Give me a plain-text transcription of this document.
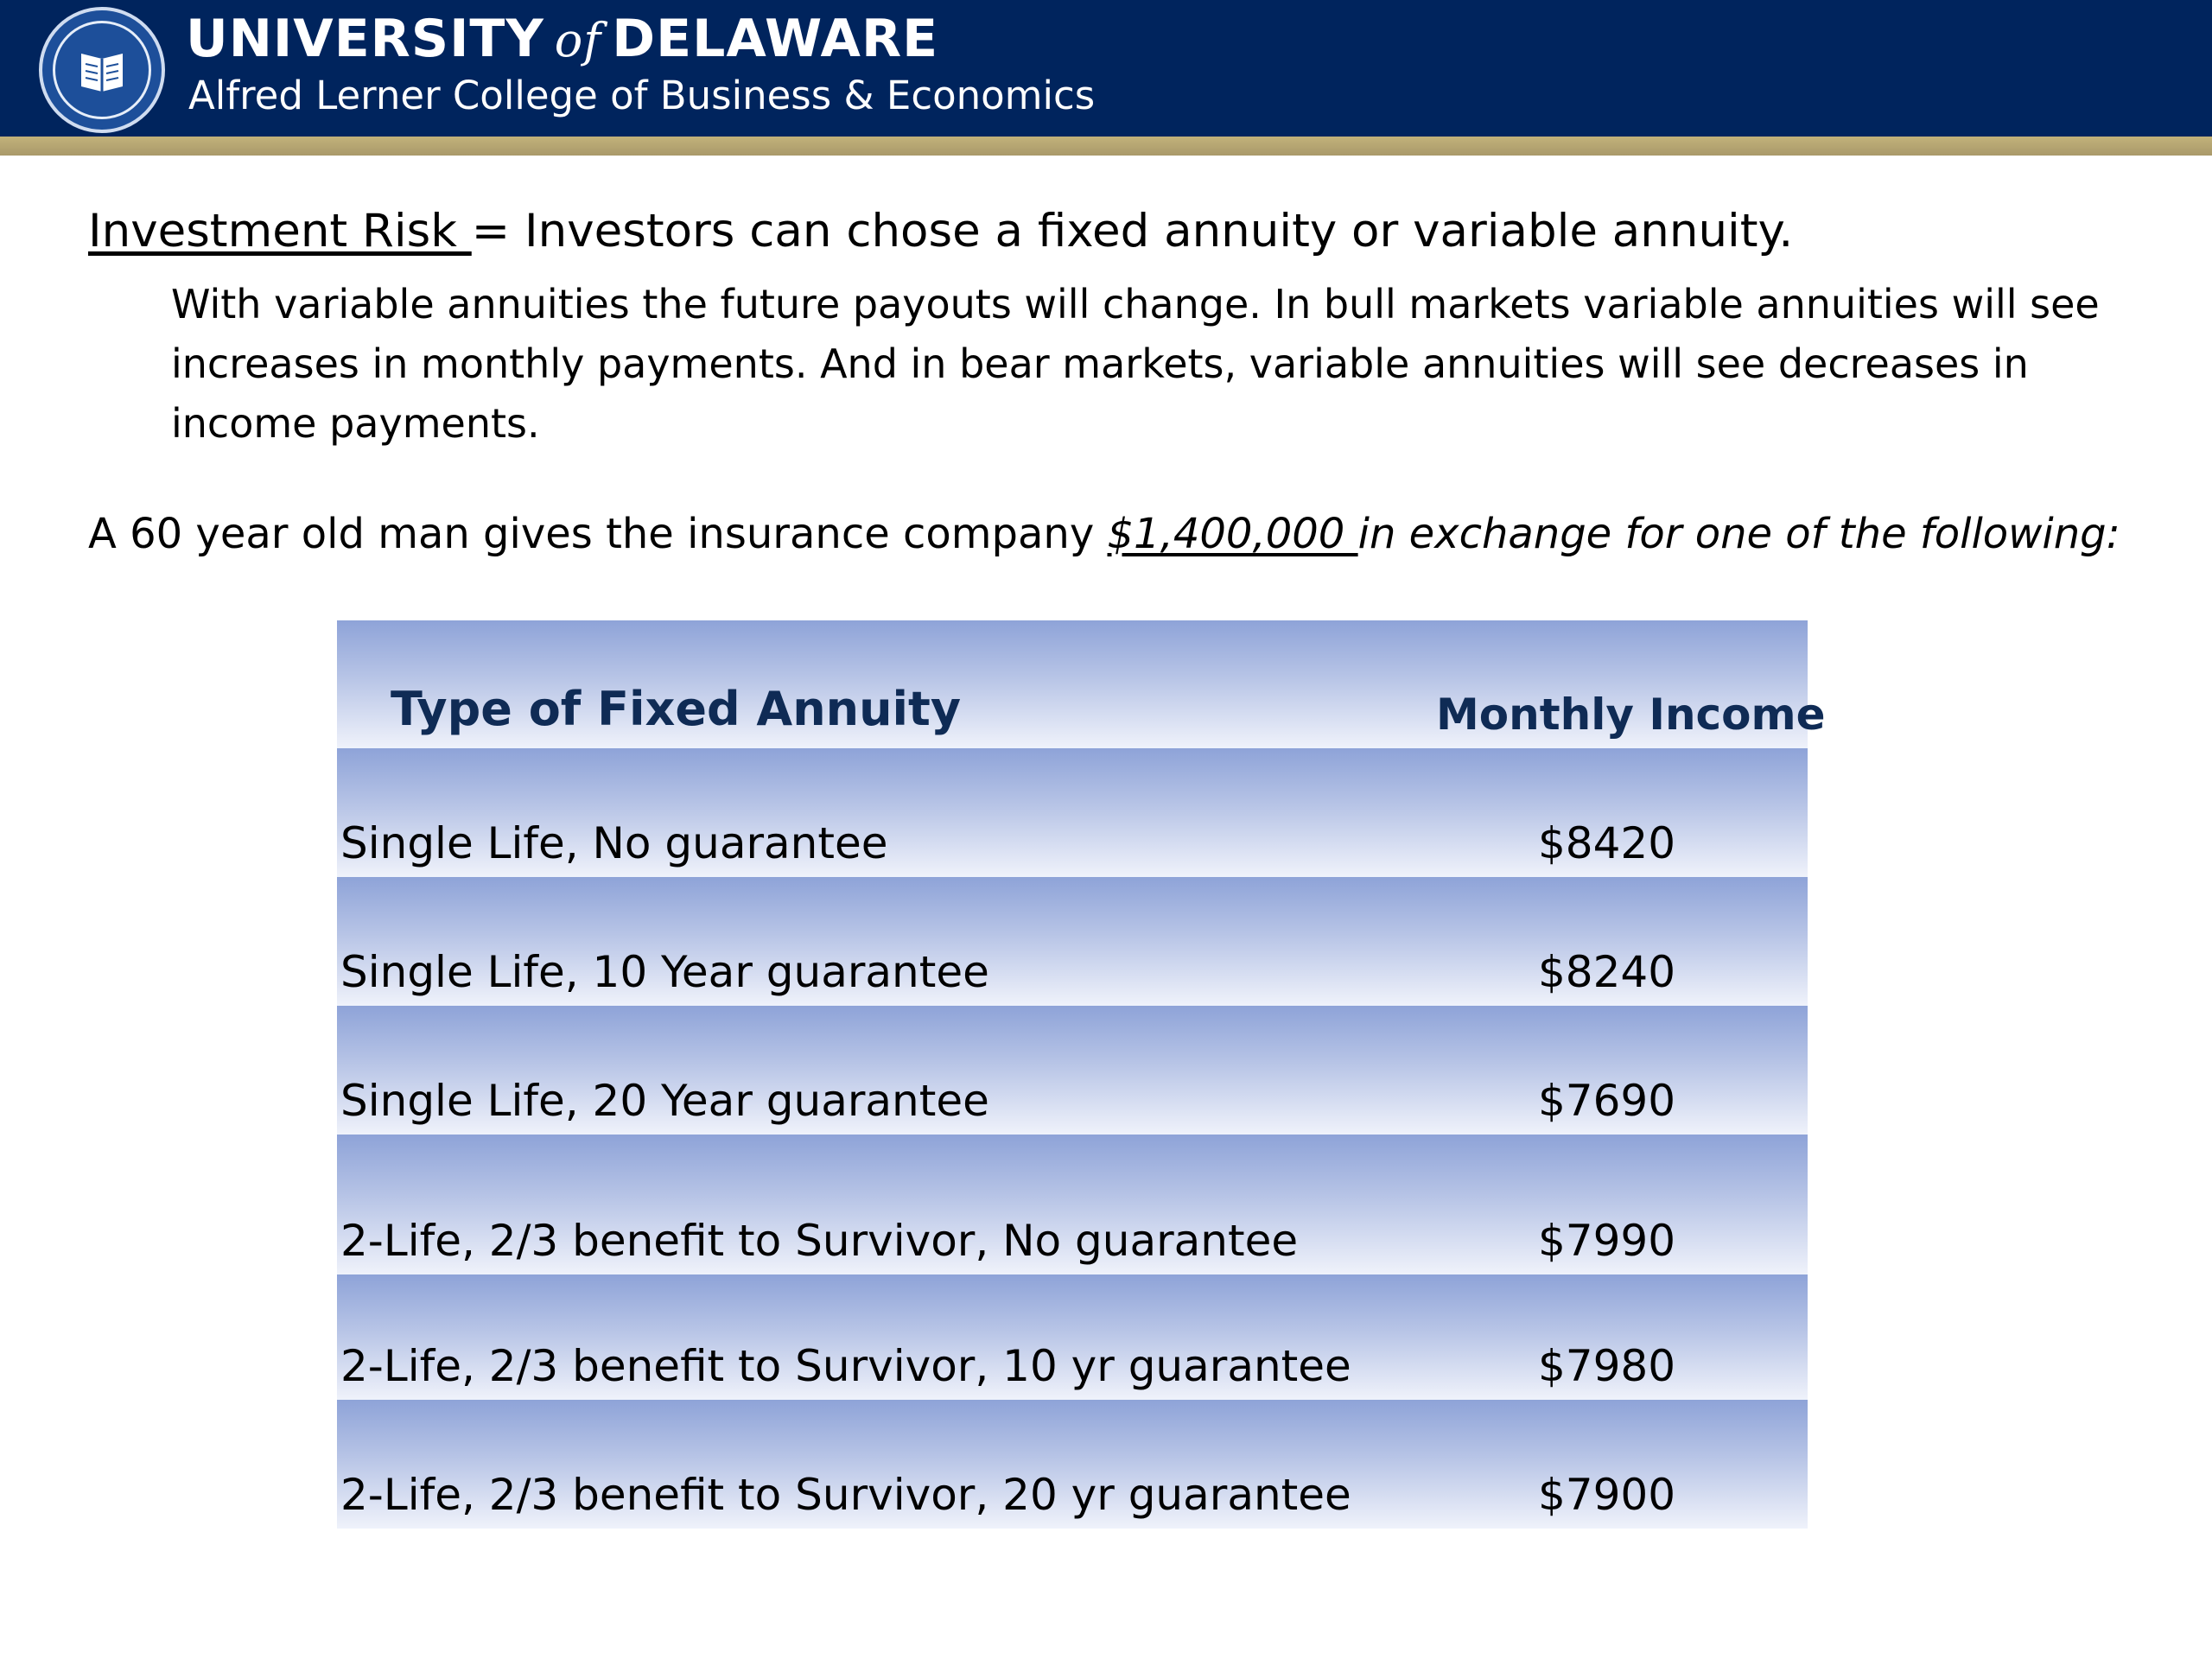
UNIVERSITY of DELAWARE
Alfred Lerner College of Business & Economics
Investment Risk = Investors can chose a fixed annuity or variable annuity.
With variable annuities the future payouts will change. In bull markets variable annuities will see increases in monthly payments. And in bear markets, variable annuities will see decreases in income payments.
A 60 year old man gives the insurance company $1,400,000 in exchange for one of the following:
Type of Fixed Annuity	Monthly Income
Single Life, No guarantee	$8420
Single Life, 10 Year guarantee	$8240
Single Life, 20 Year guarantee	$7690
2-Life, 2/3 benefit to Survivor, No guarantee	$7990
2-Life, 2/3 benefit to Survivor, 10 yr guarantee	$7980
2-Life, 2/3 benefit to Survivor, 20 yr guarantee	$7900
